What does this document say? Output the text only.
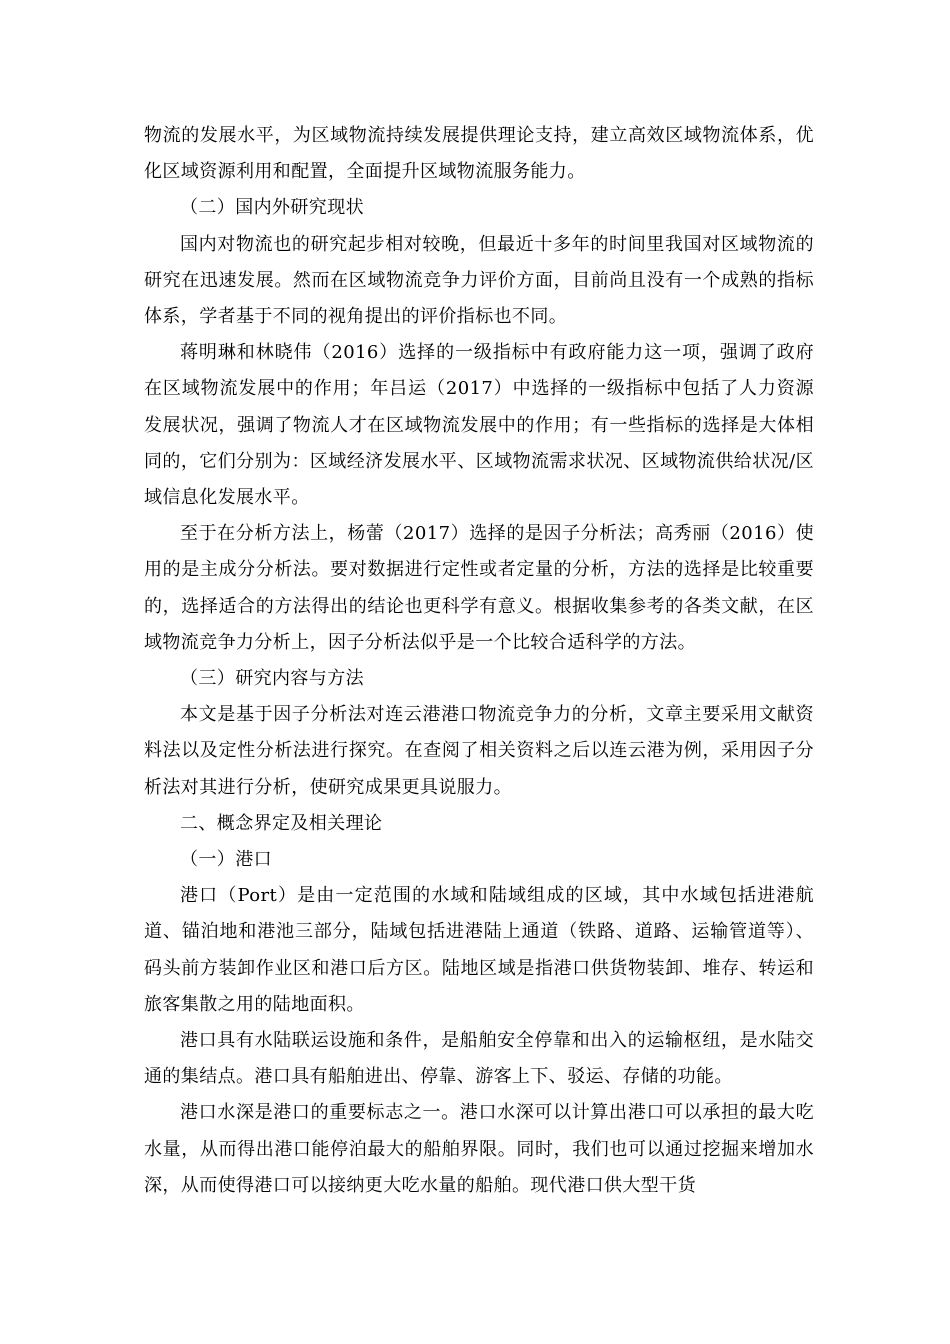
物流的发展水平，为区域物流持续发展提供理论支持，建立高效区域物流体系，优化区域资源利用和配置，全面提升区域物流服务能力。

（二）国内外研究现状

国内对物流也的研究起步相对较晚，但最近十多年的时间里我国对区域物流的研究在迅速发展。然而在区域物流竞争力评价方面，目前尚且没有一个成熟的指标体系，学者基于不同的视角提出的评价指标也不同。

蒋明琳和林晓伟（2016）选择的一级指标中有政府能力这一项，强调了政府在区域物流发展中的作用；年吕运（2017）中选择的一级指标中包括了人力资源发展状况，强调了物流人才在区域物流发展中的作用；有一些指标的选择是大体相同的，它们分别为：区域经济发展水平、区域物流需求状况、区域物流供给状况/区域信息化发展水平。

至于在分析方法上，杨蕾（2017）选择的是因子分析法；高秀丽（2016）使用的是主成分分析法。要对数据进行定性或者定量的分析，方法的选择是比较重要的，选择适合的方法得出的结论也更科学有意义。根据收集参考的各类文献，在区域物流竞争力分析上，因子分析法似乎是一个比较合适科学的方法。

（三）研究内容与方法

本文是基于因子分析法对连云港港口物流竞争力的分析，文章主要采用文献资料法以及定性分析法进行探究。在查阅了相关资料之后以连云港为例，采用因子分析法对其进行分析，使研究成果更具说服力。

二、概念界定及相关理论

（一）港口

港口（Port）是由一定范围的水域和陆域组成的区域，其中水域包括进港航道、锚泊地和港池三部分，陆域包括进港陆上通道（铁路、道路、运输管道等）、码头前方装卸作业区和港口后方区。陆地区域是指港口供货物装卸、堆存、转运和旅客集散之用的陆地面积。

港口具有水陆联运设施和条件，是船舶安全停靠和出入的运输枢纽，是水陆交通的集结点。港口具有船舶进出、停靠、游客上下、驳运、存储的功能。

港口水深是港口的重要标志之一。港口水深可以计算出港口可以承担的最大吃水量，从而得出港口能停泊最大的船舶界限。同时，我们也可以通过挖掘来增加水深，从而使得港口可以接纳更大吃水量的船舶。现代港口供大型干货
